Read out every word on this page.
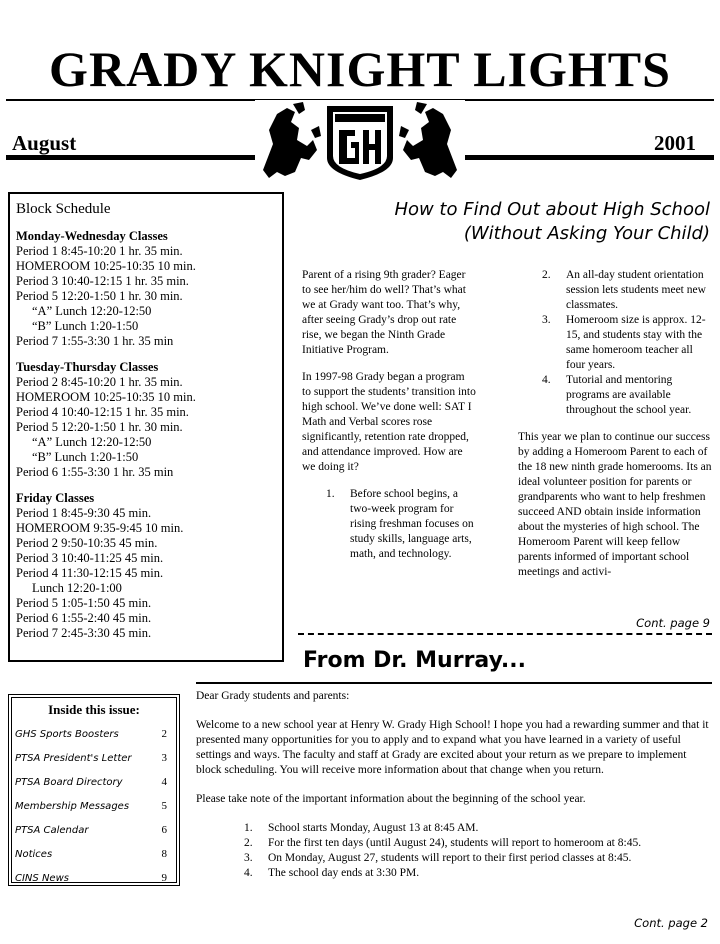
GRADY KNIGHT LIGHTS
August	2001
Block Schedule
Monday-Wednesday Classes
Period 1 8:45-10:20 1 hr. 35 min.
HOMEROOM 10:25-10:35 10 min.
Period 3 10:40-12:15 1 hr. 35 min.
Period 5 12:20-1:50 1 hr. 30 min.
“A” Lunch 12:20-12:50
“B” Lunch 1:20-1:50
Period 7 1:55-3:30 1 hr. 35 min
Tuesday-Thursday Classes
Period 2 8:45-10:20 1 hr. 35 min.
HOMEROOM 10:25-10:35 10 min.
Period 4 10:40-12:15 1 hr. 35 min.
Period 5 12:20-1:50 1 hr. 30 min.
“A” Lunch 12:20-12:50
“B” Lunch 1:20-1:50
Period 6 1:55-3:30 1 hr. 35 min
Friday Classes
Period 1 8:45-9:30 45 min.
HOMEROOM 9:35-9:45 10 min.
Period 2 9:50-10:35 45 min.
Period 3 10:40-11:25 45 min.
Period 4 11:30-12:15 45 min.
Lunch 12:20-1:00
Period 5 1:05-1:50 45 min.
Period 6 1:55-2:40 45 min.
Period 7 2:45-3:30 45 min.
How to Find Out about High School
(Without Asking Your Child)

Parent of a rising 9th grader? Eager to see her/him do well? That’s what we at Grady want too. That’s why, after seeing Grady’s drop out rate rise, we began the Ninth Grade Initiative Program.

In 1997-98 Grady began a program to support the students’ transition into high school. We’ve done well: SAT I Math and Verbal scores rose significantly, retention rate dropped, and attendance improved. How are we doing it?

1.	Before school begins, a two-week program for rising freshman focuses on study skills, language arts, math, and technology.
2.	An all-day student orientation session lets students meet new classmates.
3.	Homeroom size is approx. 12-15, and students stay with the same homeroom teacher all four years.
4.	Tutorial and mentoring programs are available throughout the school year.

This year we plan to continue our success by adding a Homeroom Parent to each of the 18 new ninth grade homerooms. Its an ideal volunteer position for parents or grandparents who want to help freshmen succeed AND obtain inside information about the mysteries of high school. The Homeroom Parent will keep fellow parents informed of important school meetings and activi-

Cont. page 9
From Dr. Murray...

Dear Grady students and parents:

Welcome to a new school year at Henry W. Grady High School! I hope you had a rewarding summer and that it presented many opportunities for you to apply and to expand what you have learned in a variety of useful settings and ways. The faculty and staff at Grady are excited about your return as we prepare to implement block scheduling. You will receive more information about that change when you return.

Please take note of the important information about the beginning of the school year.

1.	School starts Monday, August 13 at 8:45 AM.
2.	For the first ten days (until August 24), students will report to homeroom at 8:45.
3.	On Monday, August 27, students will report to their first period classes at 8:45.
4.	The school day ends at 3:30 PM.
Cont. page 2
Inside this issue:
GHS Sports Boosters	2
PTSA President's Letter	3
PTSA Board Directory	4
Membership Messages	5
PTSA Calendar	6
Notices	8
CINS News	9
